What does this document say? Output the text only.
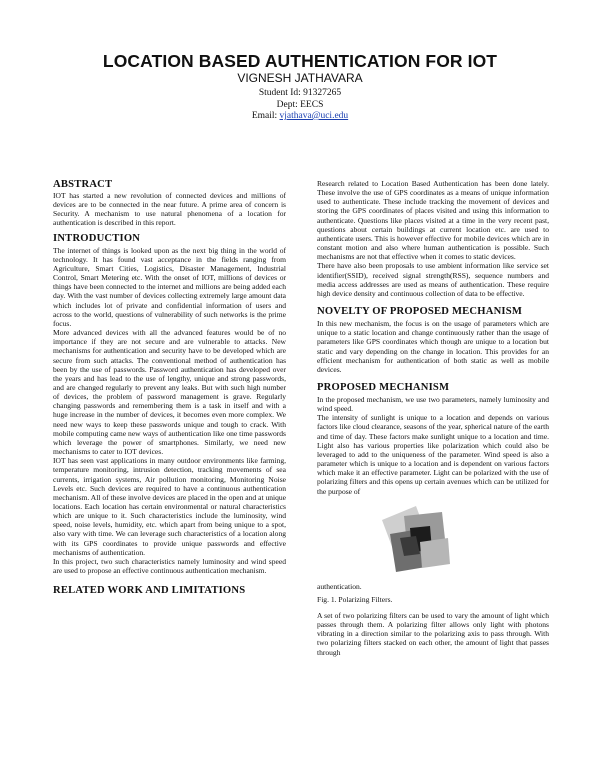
LOCATION BASED AUTHENTICATION FOR IOT
VIGNESH JATHAVARA
Student Id: 91327265
Dept: EECS
Email: vjathava@uci.edu
ABSTRACT

IOT has started a new revolution of connected devices and millions of devices are to be connected in the near future. A prime area of concern is Security. A mechanism to use natural phenomena of a location for authentication is described in this report.

INTRODUCTION

The internet of things is looked upon as the next big thing in the world of technology. It has found vast acceptance in the fields ranging from Agriculture, Smart Cities, Logistics, Disaster Management, Industrial Control, Smart Metering etc. With the onset of IOT, millions of devices or things have been connected to the internet and millions are being added each day. With the vast number of devices collecting extremely large amount data which includes lot of private and confidential information of users and across to the world, questions of vulnerability of such networks is the prime focus.

More advanced devices with all the advanced features would be of no importance if they are not secure and are vulnerable to attacks. New mechanisms for authentication and security have to be developed which are secure from such attacks. The conventional method of authentication has been by the use of passwords. Password authentication has developed over the years and has lead to the use of lengthy, unique and strong passwords, and are changed regularly to prevent any leaks. But with such high number of devices, the problem of password management is grave. Regularly changing passwords and remembering them is a task in itself and with a huge increase in the number of devices, it becomes even more complex. We need new ways to keep these passwords unique and tough to crack. With mobile computing came new ways of authentication like one time passwords which leverage the power of smartphones. Similarly, we need new mechanisms to cater to IOT devices.

IOT has seen vast applications in many outdoor environments like farming, temperature monitoring, intrusion detection, tracking movements of sea currents, irrigation systems, Air pollution monitoring, Monitoring Noise Levels etc. Such devices are required to have a continuous authentication mechanism. All of these involve devices are placed in the open and at unique locations. Each location has certain environmental or natural characteristics which are unique to it. Such characteristics include the luminosity, wind speed, noise levels, humidity, etc. which apart from being unique to a spot, also vary with time. We can leverage such characteristics of a location along with its GPS coordinates to provide unique passwords and effective mechanisms of authentication.

In this project, two such characteristics namely luminosity and wind speed are used to propose an effective continuous authentication mechanism.

RELATED WORK AND LIMITATIONS

Research related to Location Based Authentication has been done lately. These involve the use of GPS coordinates as a means of unique information used to authenticate. These include tracking the movement of devices and storing the GPS coordinates of places visited and using this information to authenticate. Questions like places visited at a time in the very recent past, questions about certain buildings at current location etc. are used to authenticate users. This is however effective for mobile devices which are in constant motion and also where human authentication is possible. Such mechanisms are not that effective when it comes to static devices.

There have also been proposals to use ambient information like service set identifier(SSID), received signal strength(RSS), sequence numbers and media access addresses are used as means of authentication. These require high device density and continuous collection of data to be effective.

NOVELTY OF PROPOSED MECHANISM

In this new mechanism, the focus is on the usage of parameters which are unique to a static location and change continuously rather than the usage of parameters like GPS coordinates which though are unique to a location but static and vary depending on the change in location. This provides for an efficient mechanism for authentication of both static as well as mobile devices.

PROPOSED MECHANISM

In the proposed mechanism, we use two parameters, namely luminosity and wind speed.

The intensity of sunlight is unique to a location and depends on various factors like cloud clearance, seasons of the year, spherical nature of the earth and time of day. These factors make sunlight unique to a location and time. Light also has various properties like polarization which could also be leveraged to add to the uniqueness of the parameter. Wind speed is also a parameter which is unique to a location and is dependent on various factors which make it an effective parameter. Light can be polarized with the use of polarizing filters and this opens up certain avenues which can be utilized for the purpose of

authentication.

Fig. 1. Polarizing Filters.

A set of two polarizing filters can be used to vary the amount of light which passes through them. A polarizing filter allows only light with photons vibrating in a direction similar to the polarizing axis to pass through. With two polarizing filters stacked on each other, the amount of light that passes through
